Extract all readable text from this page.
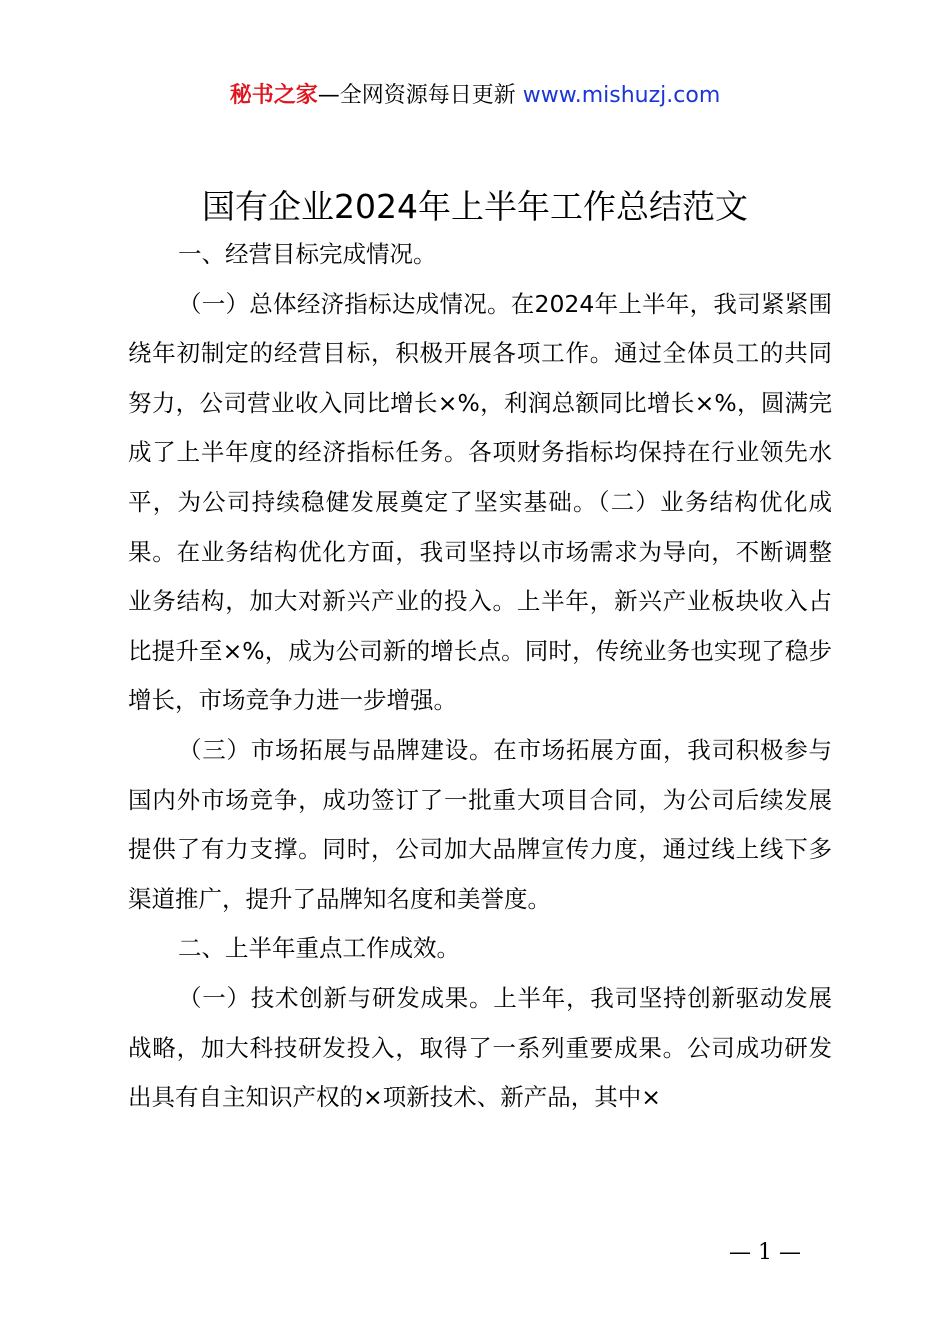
秘书之家—全网资源每日更新 www.mishuzj.com
国有企业2024年上半年工作总结范文

一、经营目标完成情况。

（一）总体经济指标达成情况。在2024年上半年，我司紧紧围绕年初制定的经营目标，积极开展各项工作。通过全体员工的共同努力，公司营业收入同比增长×%，利润总额同比增长×%，圆满完成了上半年度的经济指标任务。各项财务指标均保持在行业领先水平，为公司持续稳健发展奠定了坚实基础。（二）业务结构优化成果。在业务结构优化方面，我司坚持以市场需求为导向，不断调整业务结构，加大对新兴产业的投入。上半年，新兴产业板块收入占比提升至×%，成为公司新的增长点。同时，传统业务也实现了稳步增长，市场竞争力进一步增强。

（三）市场拓展与品牌建设。在市场拓展方面，我司积极参与国内外市场竞争，成功签订了一批重大项目合同，为公司后续发展提供了有力支撑。同时，公司加大品牌宣传力度，通过线上线下多渠道推广，提升了品牌知名度和美誉度。

二、上半年重点工作成效。

（一）技术创新与研发成果。上半年，我司坚持创新驱动发展战略，加大科技研发投入，取得了一系列重要成果。公司成功研发出具有自主知识产权的×项新技术、新产品，其中×

— 1 —
